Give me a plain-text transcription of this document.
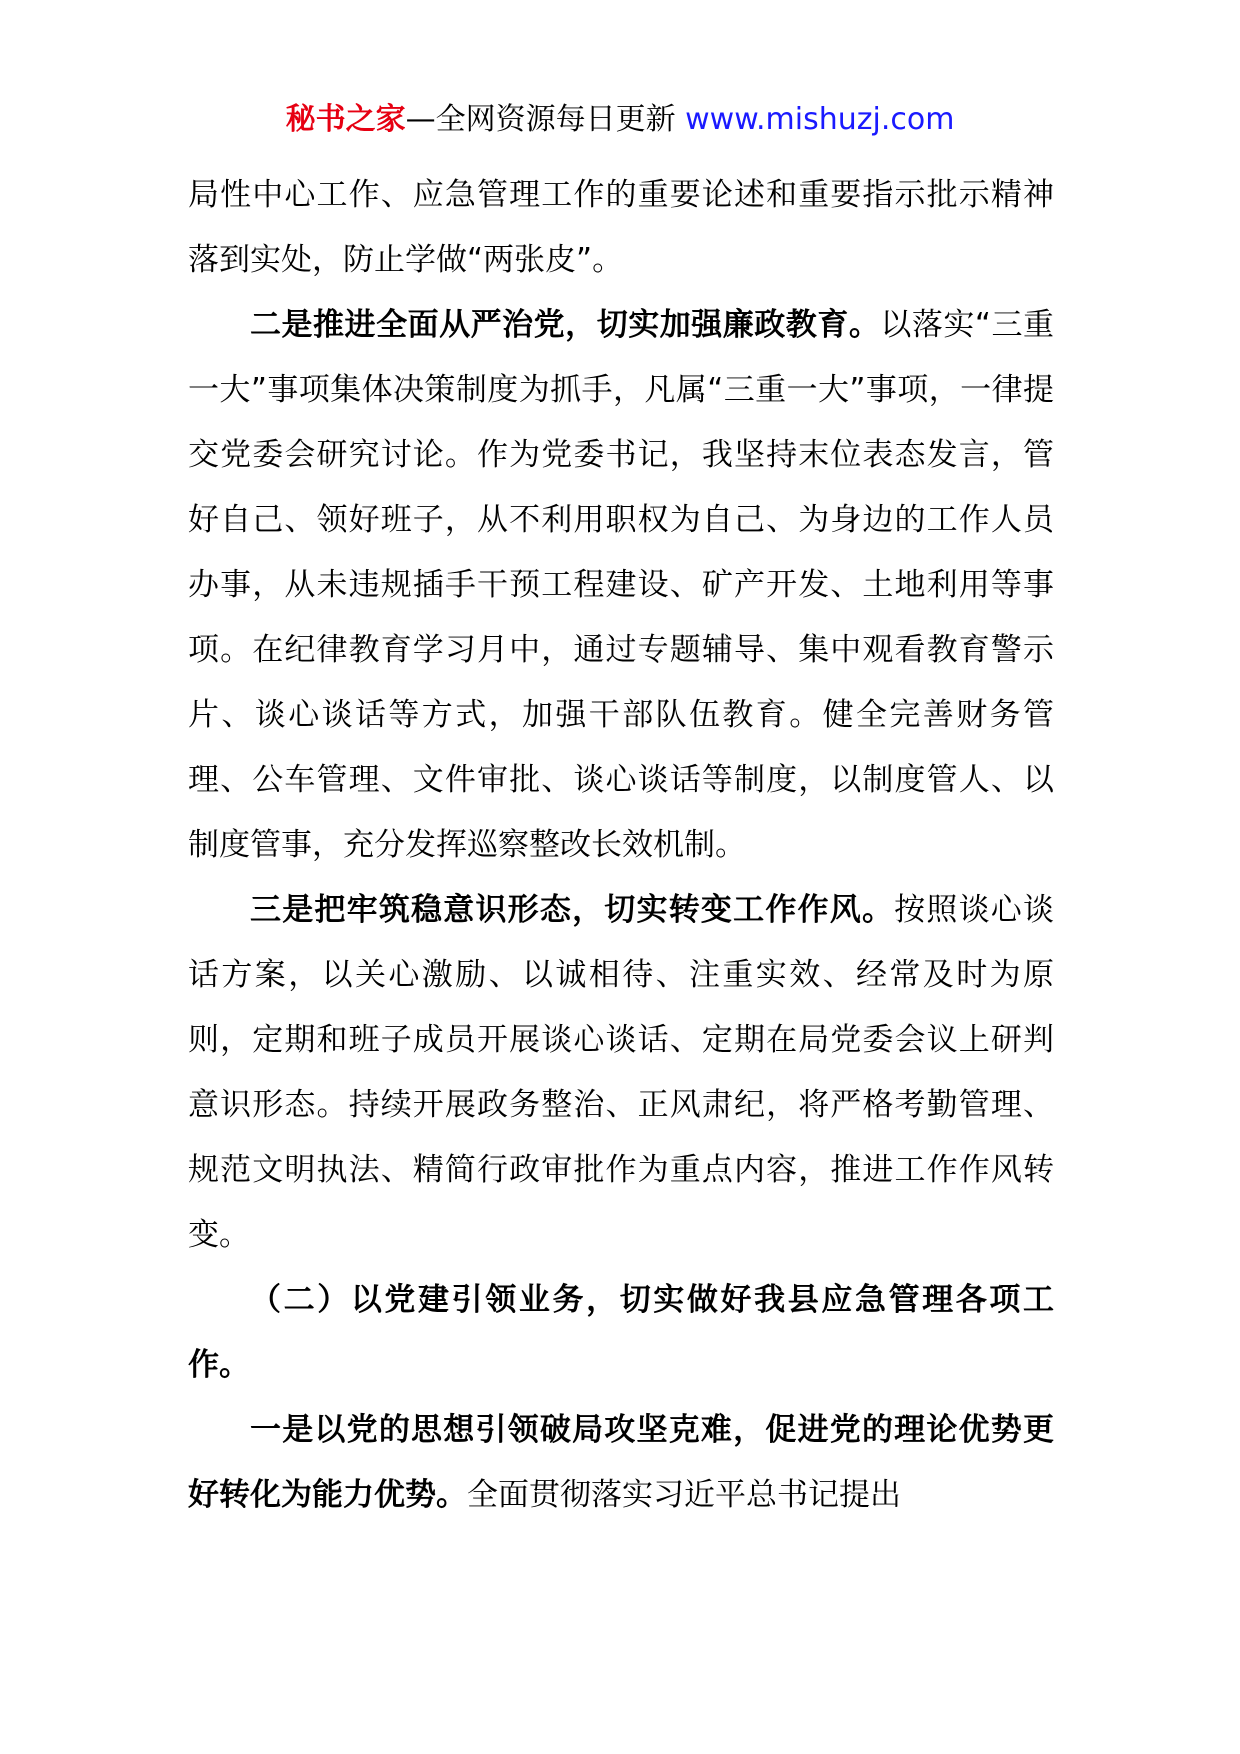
秘书之家—全网资源每日更新 www.mishuzj.com

局性中心工作、应急管理工作的重要论述和重要指示批示精神落到实处，防止学做“两张皮”。

二是推进全面从严治党，切实加强廉政教育。以落实“三重一大”事项集体决策制度为抓手，凡属“三重一大”事项，一律提交党委会研究讨论。作为党委书记，我坚持末位表态发言，管好自己、领好班子，从不利用职权为自己、为身边的工作人员办事，从未违规插手干预工程建设、矿产开发、土地利用等事项。在纪律教育学习月中，通过专题辅导、集中观看教育警示片、谈心谈话等方式，加强干部队伍教育。健全完善财务管理、公车管理、文件审批、谈心谈话等制度，以制度管人、以制度管事，充分发挥巡察整改长效机制。

三是把牢筑稳意识形态，切实转变工作作风。按照谈心谈话方案，以关心激励、以诚相待、注重实效、经常及时为原则，定期和班子成员开展谈心谈话、定期在局党委会议上研判意识形态。持续开展政务整治、正风肃纪，将严格考勤管理、规范文明执法、精简行政审批作为重点内容，推进工作作风转变。

（二）以党建引领业务，切实做好我县应急管理各项工作。

一是以党的思想引领破局攻坚克难，促进党的理论优势更好转化为能力优势。全面贯彻落实习近平总书记提出
